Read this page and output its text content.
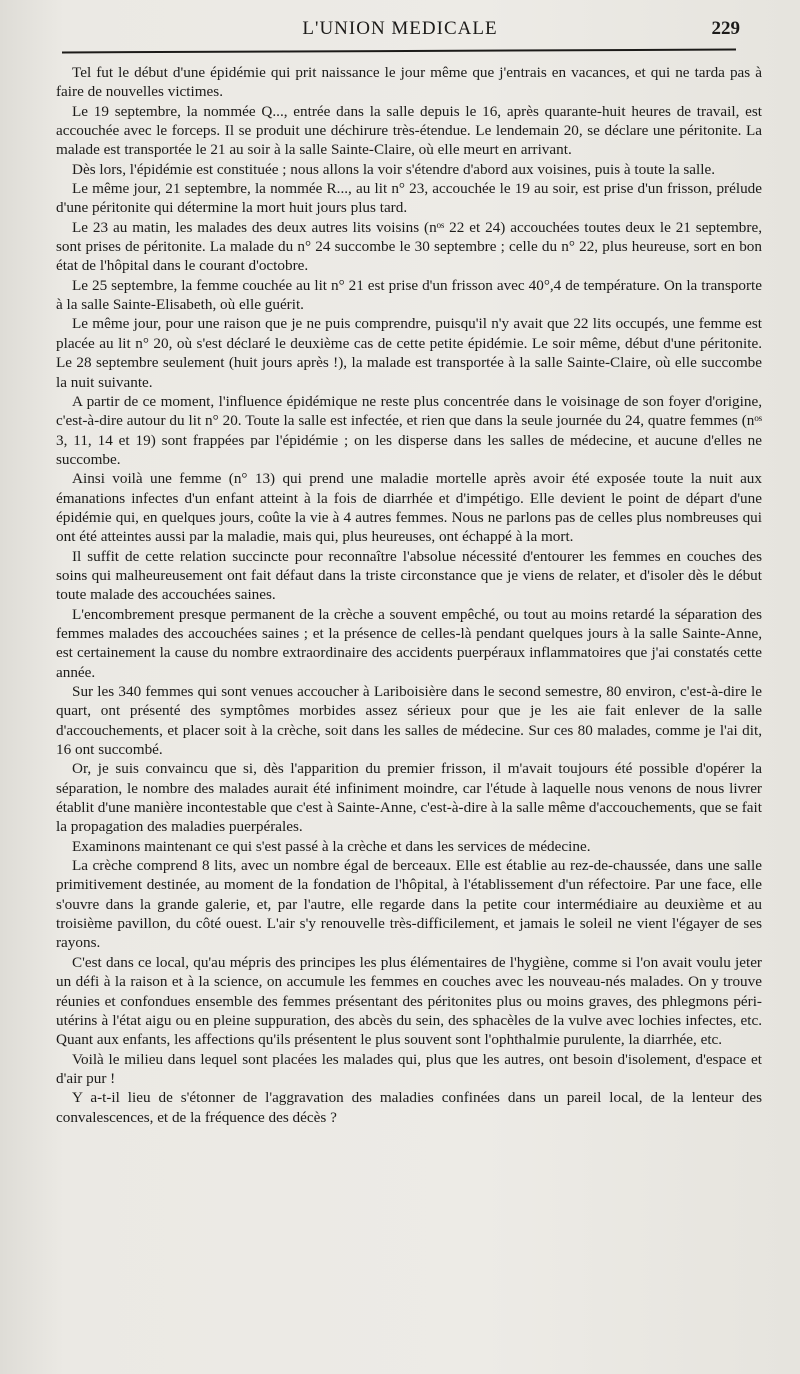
L'UNION MEDICALE	229

Tel fut le début d'une épidémie qui prit naissance le jour même que j'entrais en vacances, et qui ne tarda pas à faire de nouvelles victimes.

Le 19 septembre, la nommée Q..., entrée dans la salle depuis le 16, après quarante-huit heures de travail, est accouchée avec le forceps. Il se produit une déchirure très-étendue. Le lendemain 20, se déclare une péritonite. La malade est transportée le 21 au soir à la salle Sainte-Claire, où elle meurt en arrivant.

Dès lors, l'épidémie est constituée ; nous allons la voir s'étendre d'abord aux voisines, puis à toute la salle.

Le même jour, 21 septembre, la nommée R..., au lit n° 23, accouchée le 19 au soir, est prise d'un frisson, prélude d'une péritonite qui détermine la mort huit jours plus tard.

Le 23 au matin, les malades des deux autres lits voisins (nᵒˢ 22 et 24) accouchées toutes deux le 21 septembre, sont prises de péritonite. La malade du n° 24 succombe le 30 septembre ; celle du n° 22, plus heureuse, sort en bon état de l'hôpital dans le courant d'octobre.

Le 25 septembre, la femme couchée au lit n° 21 est prise d'un frisson avec 40°,4 de température. On la transporte à la salle Sainte-Elisabeth, où elle guérit.

Le même jour, pour une raison que je ne puis comprendre, puisqu'il n'y avait que 22 lits occupés, une femme est placée au lit n° 20, où s'est déclaré le deuxième cas de cette petite épidémie. Le soir même, début d'une péritonite. Le 28 septembre seulement (huit jours après !), la malade est transportée à la salle Sainte-Claire, où elle succombe la nuit suivante.

A partir de ce moment, l'influence épidémique ne reste plus concentrée dans le voisinage de son foyer d'origine, c'est-à-dire autour du lit n° 20. Toute la salle est infectée, et rien que dans la seule journée du 24, quatre femmes (nᵒˢ 3, 11, 14 et 19) sont frappées par l'épidémie ; on les disperse dans les salles de médecine, et aucune d'elles ne succombe.

Ainsi voilà une femme (n° 13) qui prend une maladie mortelle après avoir été exposée toute la nuit aux émanations infectes d'un enfant atteint à la fois de diarrhée et d'impétigo. Elle devient le point de départ d'une épidémie qui, en quelques jours, coûte la vie à 4 autres femmes. Nous ne parlons pas de celles plus nombreuses qui ont été atteintes aussi par la maladie, mais qui, plus heureuses, ont échappé à la mort.

Il suffit de cette relation succincte pour reconnaître l'absolue nécessité d'entourer les femmes en couches des soins qui malheureusement ont fait défaut dans la triste circonstance que je viens de relater, et d'isoler dès le début toute malade des accouchées saines.

L'encombrement presque permanent de la crèche a souvent empêché, ou tout au moins retardé la séparation des femmes malades des accouchées saines ; et la présence de celles-là pendant quelques jours à la salle Sainte-Anne, est certainement la cause du nombre extraordinaire des accidents puerpéraux inflammatoires que j'ai constatés cette année.

Sur les 340 femmes qui sont venues accoucher à Lariboisière dans le second semestre, 80 environ, c'est-à-dire le quart, ont présenté des symptômes morbides assez sérieux pour que je les aie fait enlever de la salle d'accouchements, et placer soit à la crèche, soit dans les salles de médecine. Sur ces 80 malades, comme je l'ai dit, 16 ont succombé.

Or, je suis convaincu que si, dès l'apparition du premier frisson, il m'avait toujours été possible d'opérer la séparation, le nombre des malades aurait été infiniment moindre, car l'étude à laquelle nous venons de nous livrer établit d'une manière incontestable que c'est à Sainte-Anne, c'est-à-dire à la salle même d'accouchements, que se fait la propagation des maladies puerpérales.

Examinons maintenant ce qui s'est passé à la crèche et dans les services de médecine.

La crèche comprend 8 lits, avec un nombre égal de berceaux. Elle est établie au rez-de-chaussée, dans une salle primitivement destinée, au moment de la fondation de l'hôpital, à l'établissement d'un réfectoire. Par une face, elle s'ouvre dans la grande galerie, et, par l'autre, elle regarde dans la petite cour intermédiaire au deuxième et au troisième pavillon, du côté ouest. L'air s'y renouvelle très-difficilement, et jamais le soleil ne vient l'égayer de ses rayons.

C'est dans ce local, qu'au mépris des principes les plus élémentaires de l'hygiène, comme si l'on avait voulu jeter un défi à la raison et à la science, on accumule les femmes en couches avec les nouveau-nés malades. On y trouve réunies et confondues ensemble des femmes présentant des péritonites plus ou moins graves, des phlegmons péri-utérins à l'état aigu ou en pleine suppuration, des abcès du sein, des sphacèles de la vulve avec lochies infectes, etc. Quant aux enfants, les affections qu'ils présentent le plus souvent sont l'ophthalmie purulente, la diarrhée, etc.

Voilà le milieu dans lequel sont placées les malades qui, plus que les autres, ont besoin d'isolement, d'espace et d'air pur !

Y a-t-il lieu de s'étonner de l'aggravation des maladies confinées dans un pareil local, de la lenteur des convalescences, et de la fréquence des décès ?
